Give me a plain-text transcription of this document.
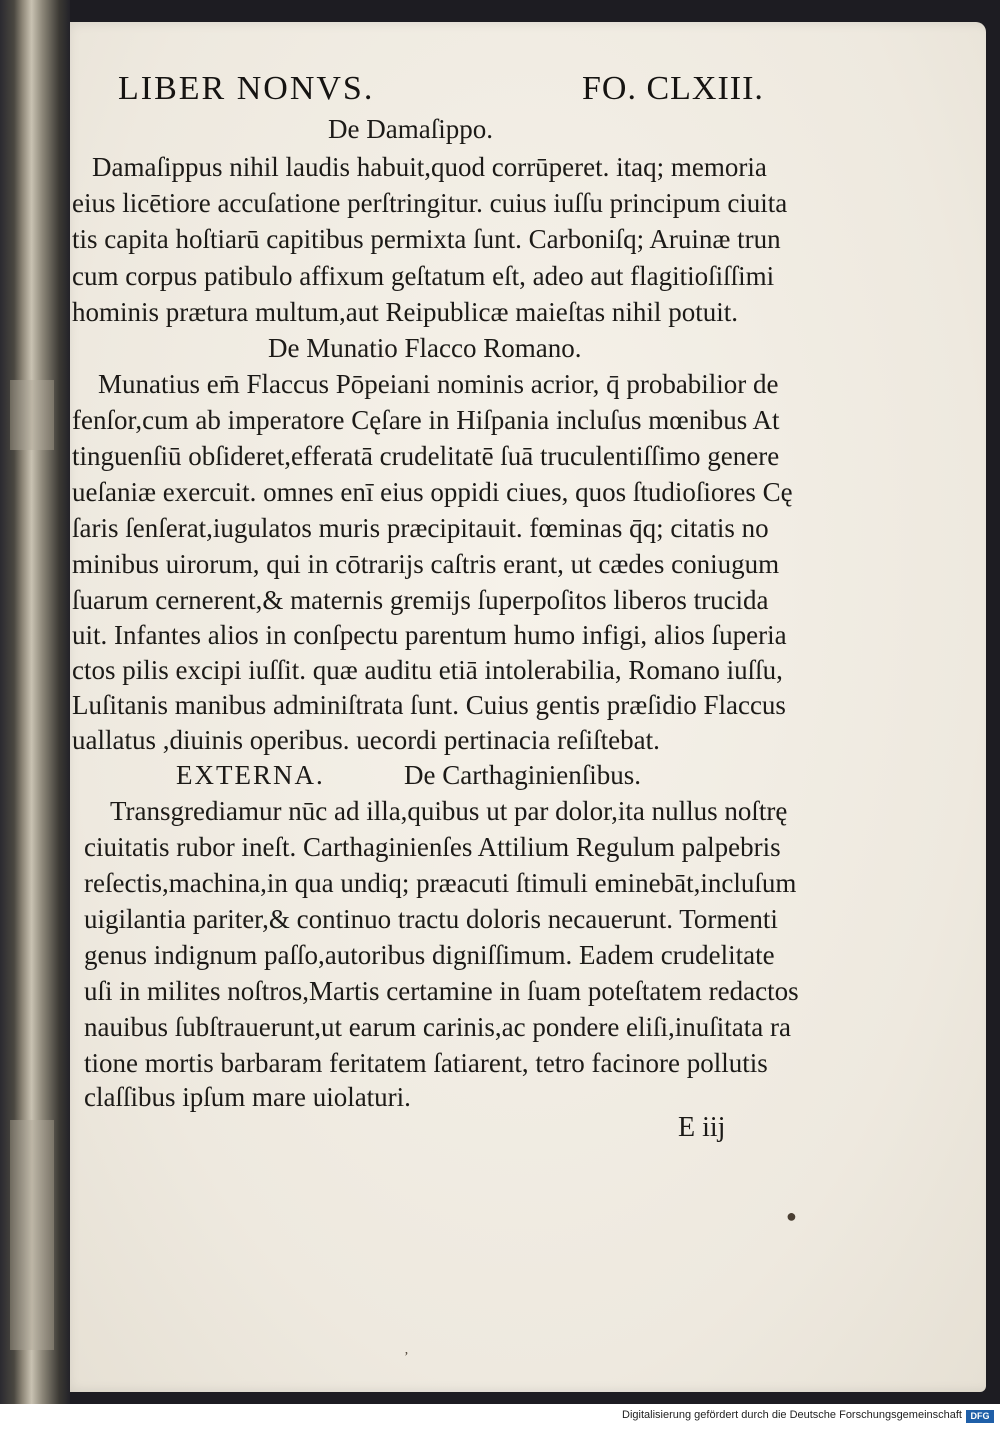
LIBER NONVS.	FO. CLXIII.
De Damaſippo.
Damaſippus nihil laudis habuit,quod corrūperet. itaq; memoria
eius licētiore accuſatione perſtringitur. cuius iuſſu principum ciuita
tis capita hoſtiarū capitibus permixta ſunt. Carboniſq; Aruinæ trun
cum corpus patibulo affixum geſtatum eſt, adeo aut flagitioſiſſimi
hominis prætura multum,aut Reipublicæ maieſtas nihil potuit.
De Munatio Flacco Romano.
Munatius em̄ Flaccus Pōpeiani nominis acrior, q̄ probabilior de
fenſor,cum ab imperatore Cęſare in Hiſpania incluſus mœnibus At
tinguenſiū obſideret,efferatā crudelitatē ſuā truculentiſſimo genere
ueſaniæ exercuit. omnes enī eius oppidi ciues, quos ſtudioſiores Cę
ſaris ſenſerat,iugulatos muris præcipitauit. fœminas q̄q; citatis no
minibus uirorum, qui in cōtrarijs caſtris erant, ut cædes coniugum
ſuarum cernerent,& maternis gremijs ſuperpoſitos liberos trucida
uit. Infantes alios in conſpectu parentum humo infigi, alios ſuperia
ctos pilis excipi iuſſit. quæ auditu etiā intolerabilia, Romano iuſſu,
Luſitanis manibus adminiſtrata ſunt. Cuius gentis præſidio Flaccus
uallatus ,diuinis operibus. uecordi pertinacia reſiſtebat.
EXTERNA.	De Carthaginienſibus.
Transgrediamur nūc ad illa,quibus ut par dolor,ita nullus noſtrę
ciuitatis rubor ineſt. Carthaginienſes Attilium Regulum palpebris
reſectis,machina,in qua undiq; præacuti ſtimuli eminebāt,incluſum
uigilantia pariter,& continuo tractu doloris necauerunt. Tormenti
genus indignum paſſo,autoribus digniſſimum. Eadem crudelitate
uſi in milites noſtros,Martis certamine in ſuam poteſtatem redactos
nauibus ſubſtrauerunt,ut earum carinis,ac pondere eliſi,inuſitata ra
tione mortis barbaram feritatem ſatiarent, tetro facinore pollutis
claſſibus ipſum mare uiolaturi.
E iij
●
’
Digitalisierung gefördert durch die Deutsche Forschungsgemeinschaft DFG
